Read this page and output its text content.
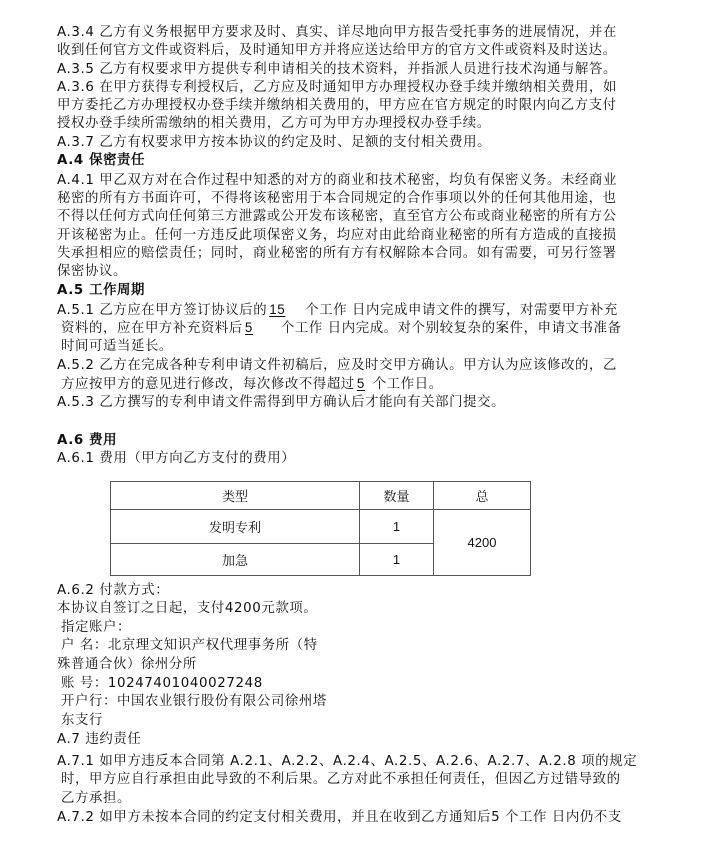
A.3.4 乙方有义务根据甲方要求及时、真实、详尽地向甲方报告受托事务的进展情况，并在
收到任何官方文件或资料后，及时通知甲方并将应送达给甲方的官方文件或资料及时送达。
A.3.5 乙方有权要求甲方提供专利申请相关的技术资料，并指派人员进行技术沟通与解答。
A.3.6 在甲方获得专利授权后，乙方应及时通知甲方办理授权办登手续并缴纳相关费用，如
甲方委托乙方办理授权办登手续并缴纳相关费用的，甲方应在官方规定的时限内向乙方支付
授权办登手续所需缴纳的相关费用，乙方可为甲方办理授权办登手续。
A.3.7 乙方有权要求甲方按本协议的约定及时、足额的支付相关费用。
A.4 保密责任
A.4.1 甲乙双方对在合作过程中知悉的对方的商业和技术秘密，均负有保密义务。未经商业
秘密的所有方书面许可，不得将该秘密用于本合同规定的合作事项以外的任何其他用途，也
不得以任何方式向任何第三方泄露或公开发布该秘密，直至官方公布或商业秘密的所有方公
开该秘密为止。任何一方违反此项保密义务，均应对由此给商业秘密的所有方造成的直接损
失承担相应的赔偿责任；同时，商业秘密的所有方有权解除本合同。如有需要，可另行签署
保密协议。
A.5 工作周期
A.5.1 乙方应在甲方签订协议后的 15 个工作 日内完成申请文件的撰写，对需要甲方补充
资料的，应在甲方补充资料后 5 个工作 日内完成。对个别较复杂的案件，申请文书准备
时间可适当延长。
A.5.2 乙方在完成各种专利申请文件初稿后，应及时交甲方确认。甲方认为应该修改的，乙
方应按甲方的意见进行修改，每次修改不得超过 5 个工作日。
A.5.3 乙方撰写的专利申请文件需得到甲方确认后才能向有关部门提交。
A.6 费用
A.6.1 费用（甲方向乙方支付的费用）
类型	数量	总
发明专利	1	4200
加急	1	
A.6.2 付款方式：
本协议自签订之日起，支付4200元款项。
指定账户：
户 名：北京理文知识产权代理事务所（特
殊普通合伙）徐州分所
账 号：10247401040027248
开户行：中国农业银行股份有限公司徐州塔
东支行
A.7 违约责任
A.7.1 如甲方违反本合同第 A.2.1、A.2.2、A.2.4、A.2.5、A.2.6、A.2.7、A.2.8 项的规定
时，甲方应自行承担由此导致的不利后果。乙方对此不承担任何责任，但因乙方过错导致的
乙方承担。
A.7.2 如甲方未按本合同的约定支付相关费用，并且在收到乙方通知后5 个工作 日内仍不支
